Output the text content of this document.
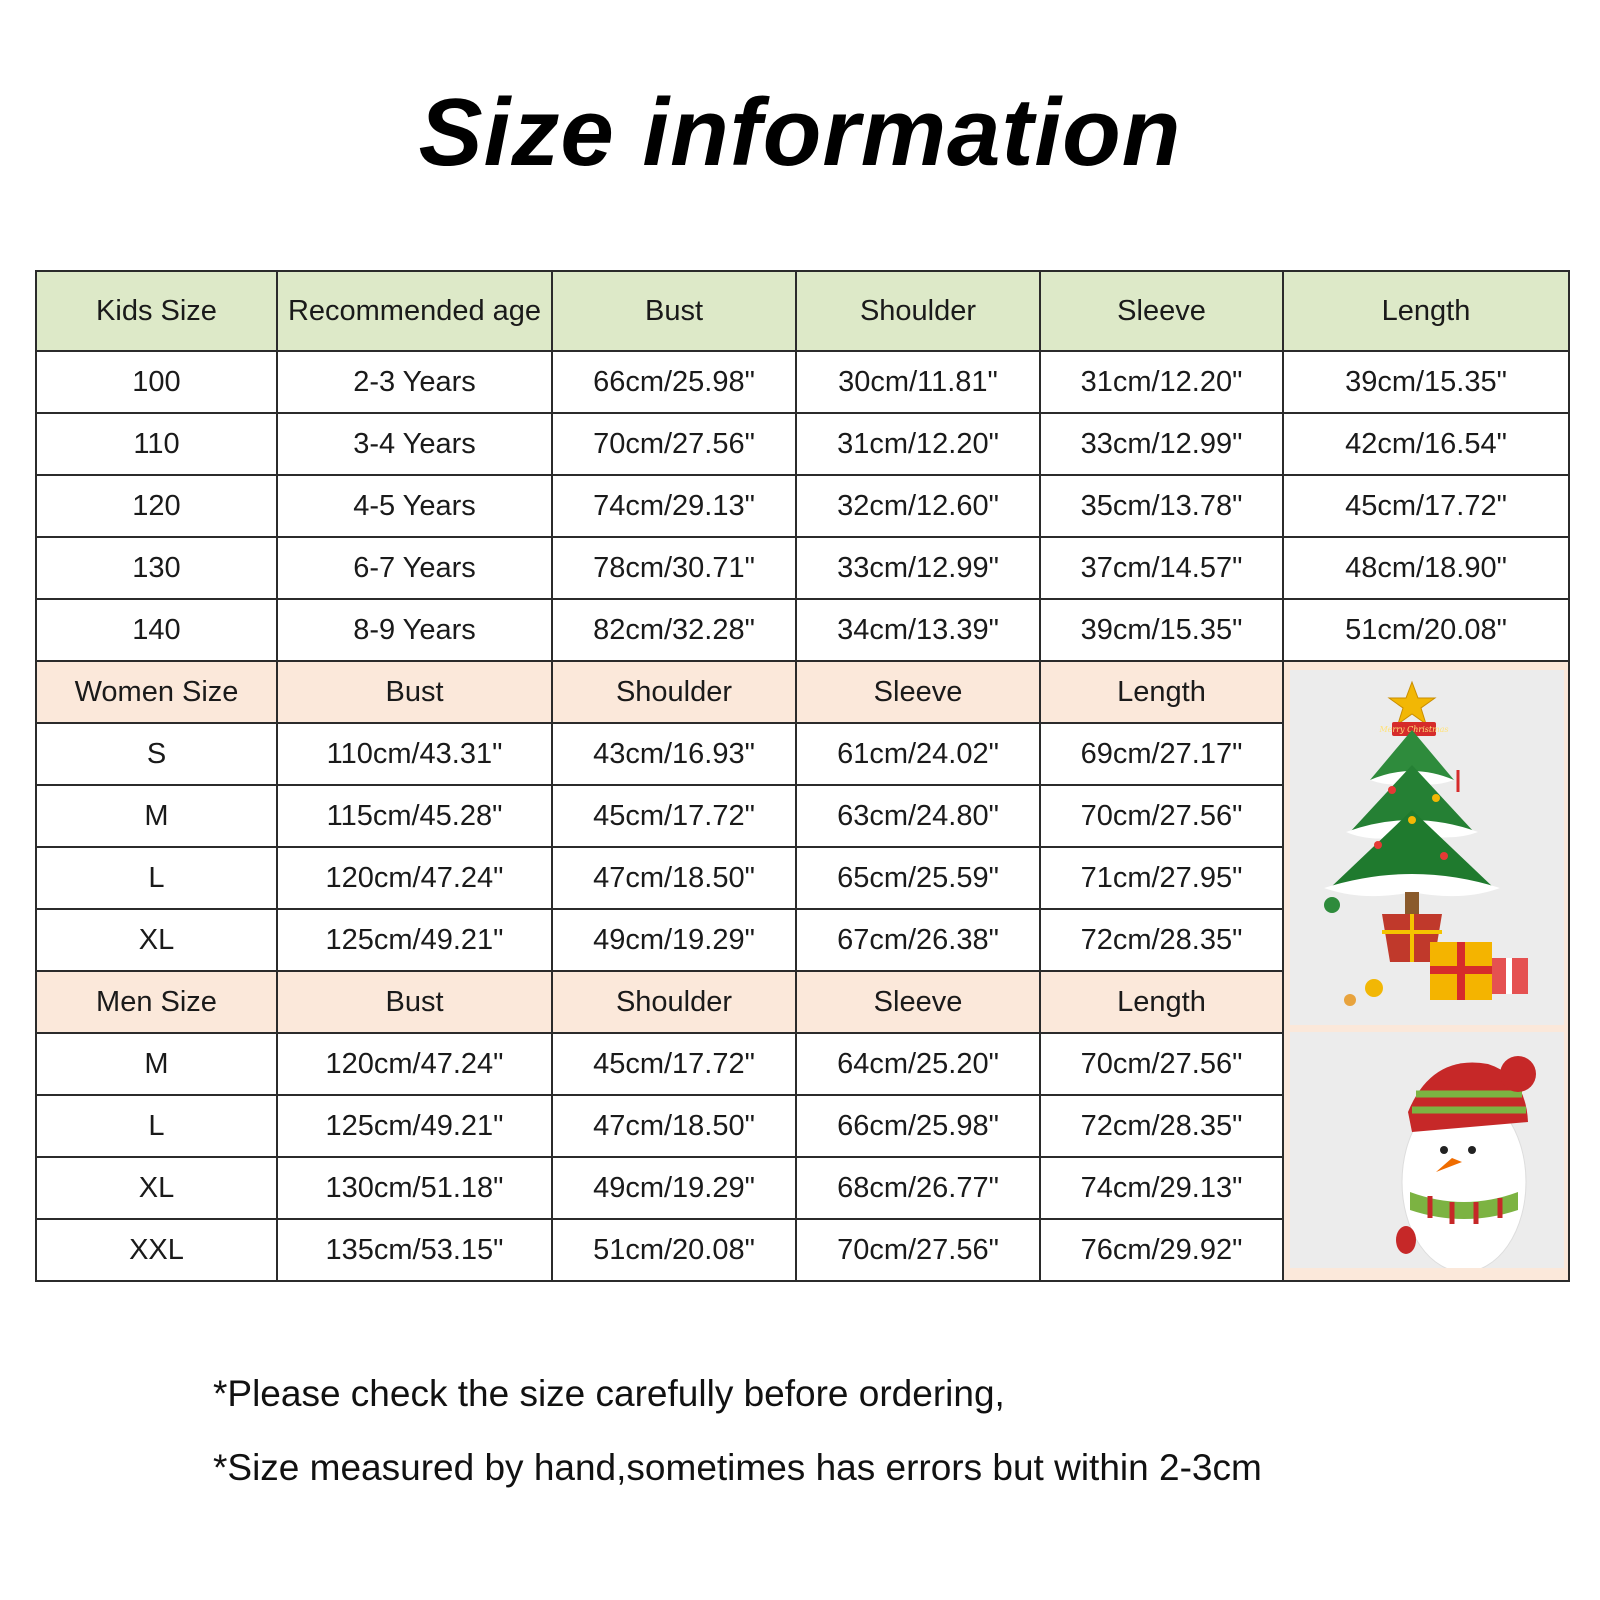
Size information
Kids Size	Recommended age	Bust	Shoulder	Sleeve	Length
100	2-3 Years	66cm/25.98"	30cm/11.81"	31cm/12.20"	39cm/15.35"
110	3-4 Years	70cm/27.56"	31cm/12.20"	33cm/12.99"	42cm/16.54"
120	4-5 Years	74cm/29.13"	32cm/12.60"	35cm/13.78"	45cm/17.72"
130	6-7 Years	78cm/30.71"	33cm/12.99"	37cm/14.57"	48cm/18.90"
140	8-9 Years	82cm/32.28"	34cm/13.39"	39cm/15.35"	51cm/20.08"
Women Size	Bust	Shoulder	Sleeve	Length	Merry Christmas

S	110cm/43.31"	43cm/16.93"	61cm/24.02"	69cm/27.17"	
M	115cm/45.28"	45cm/17.72"	63cm/24.80"	70cm/27.56"	
L	120cm/47.24"	47cm/18.50"	65cm/25.59"	71cm/27.95"	
XL	125cm/49.21"	49cm/19.29"	67cm/26.38"	72cm/28.35"	
Men Size	Bust	Shoulder	Sleeve	Length	
M	120cm/47.24"	45cm/17.72"	64cm/25.20"	70cm/27.56"	
L	125cm/49.21"	47cm/18.50"	66cm/25.98"	72cm/28.35"	
XL	130cm/51.18"	49cm/19.29"	68cm/26.77"	74cm/29.13"	
XXL	135cm/53.15"	51cm/20.08"	70cm/27.56"	76cm/29.92"	
*Please check the size carefully before ordering,
*Size measured by hand,sometimes has errors but within 2-3cm
